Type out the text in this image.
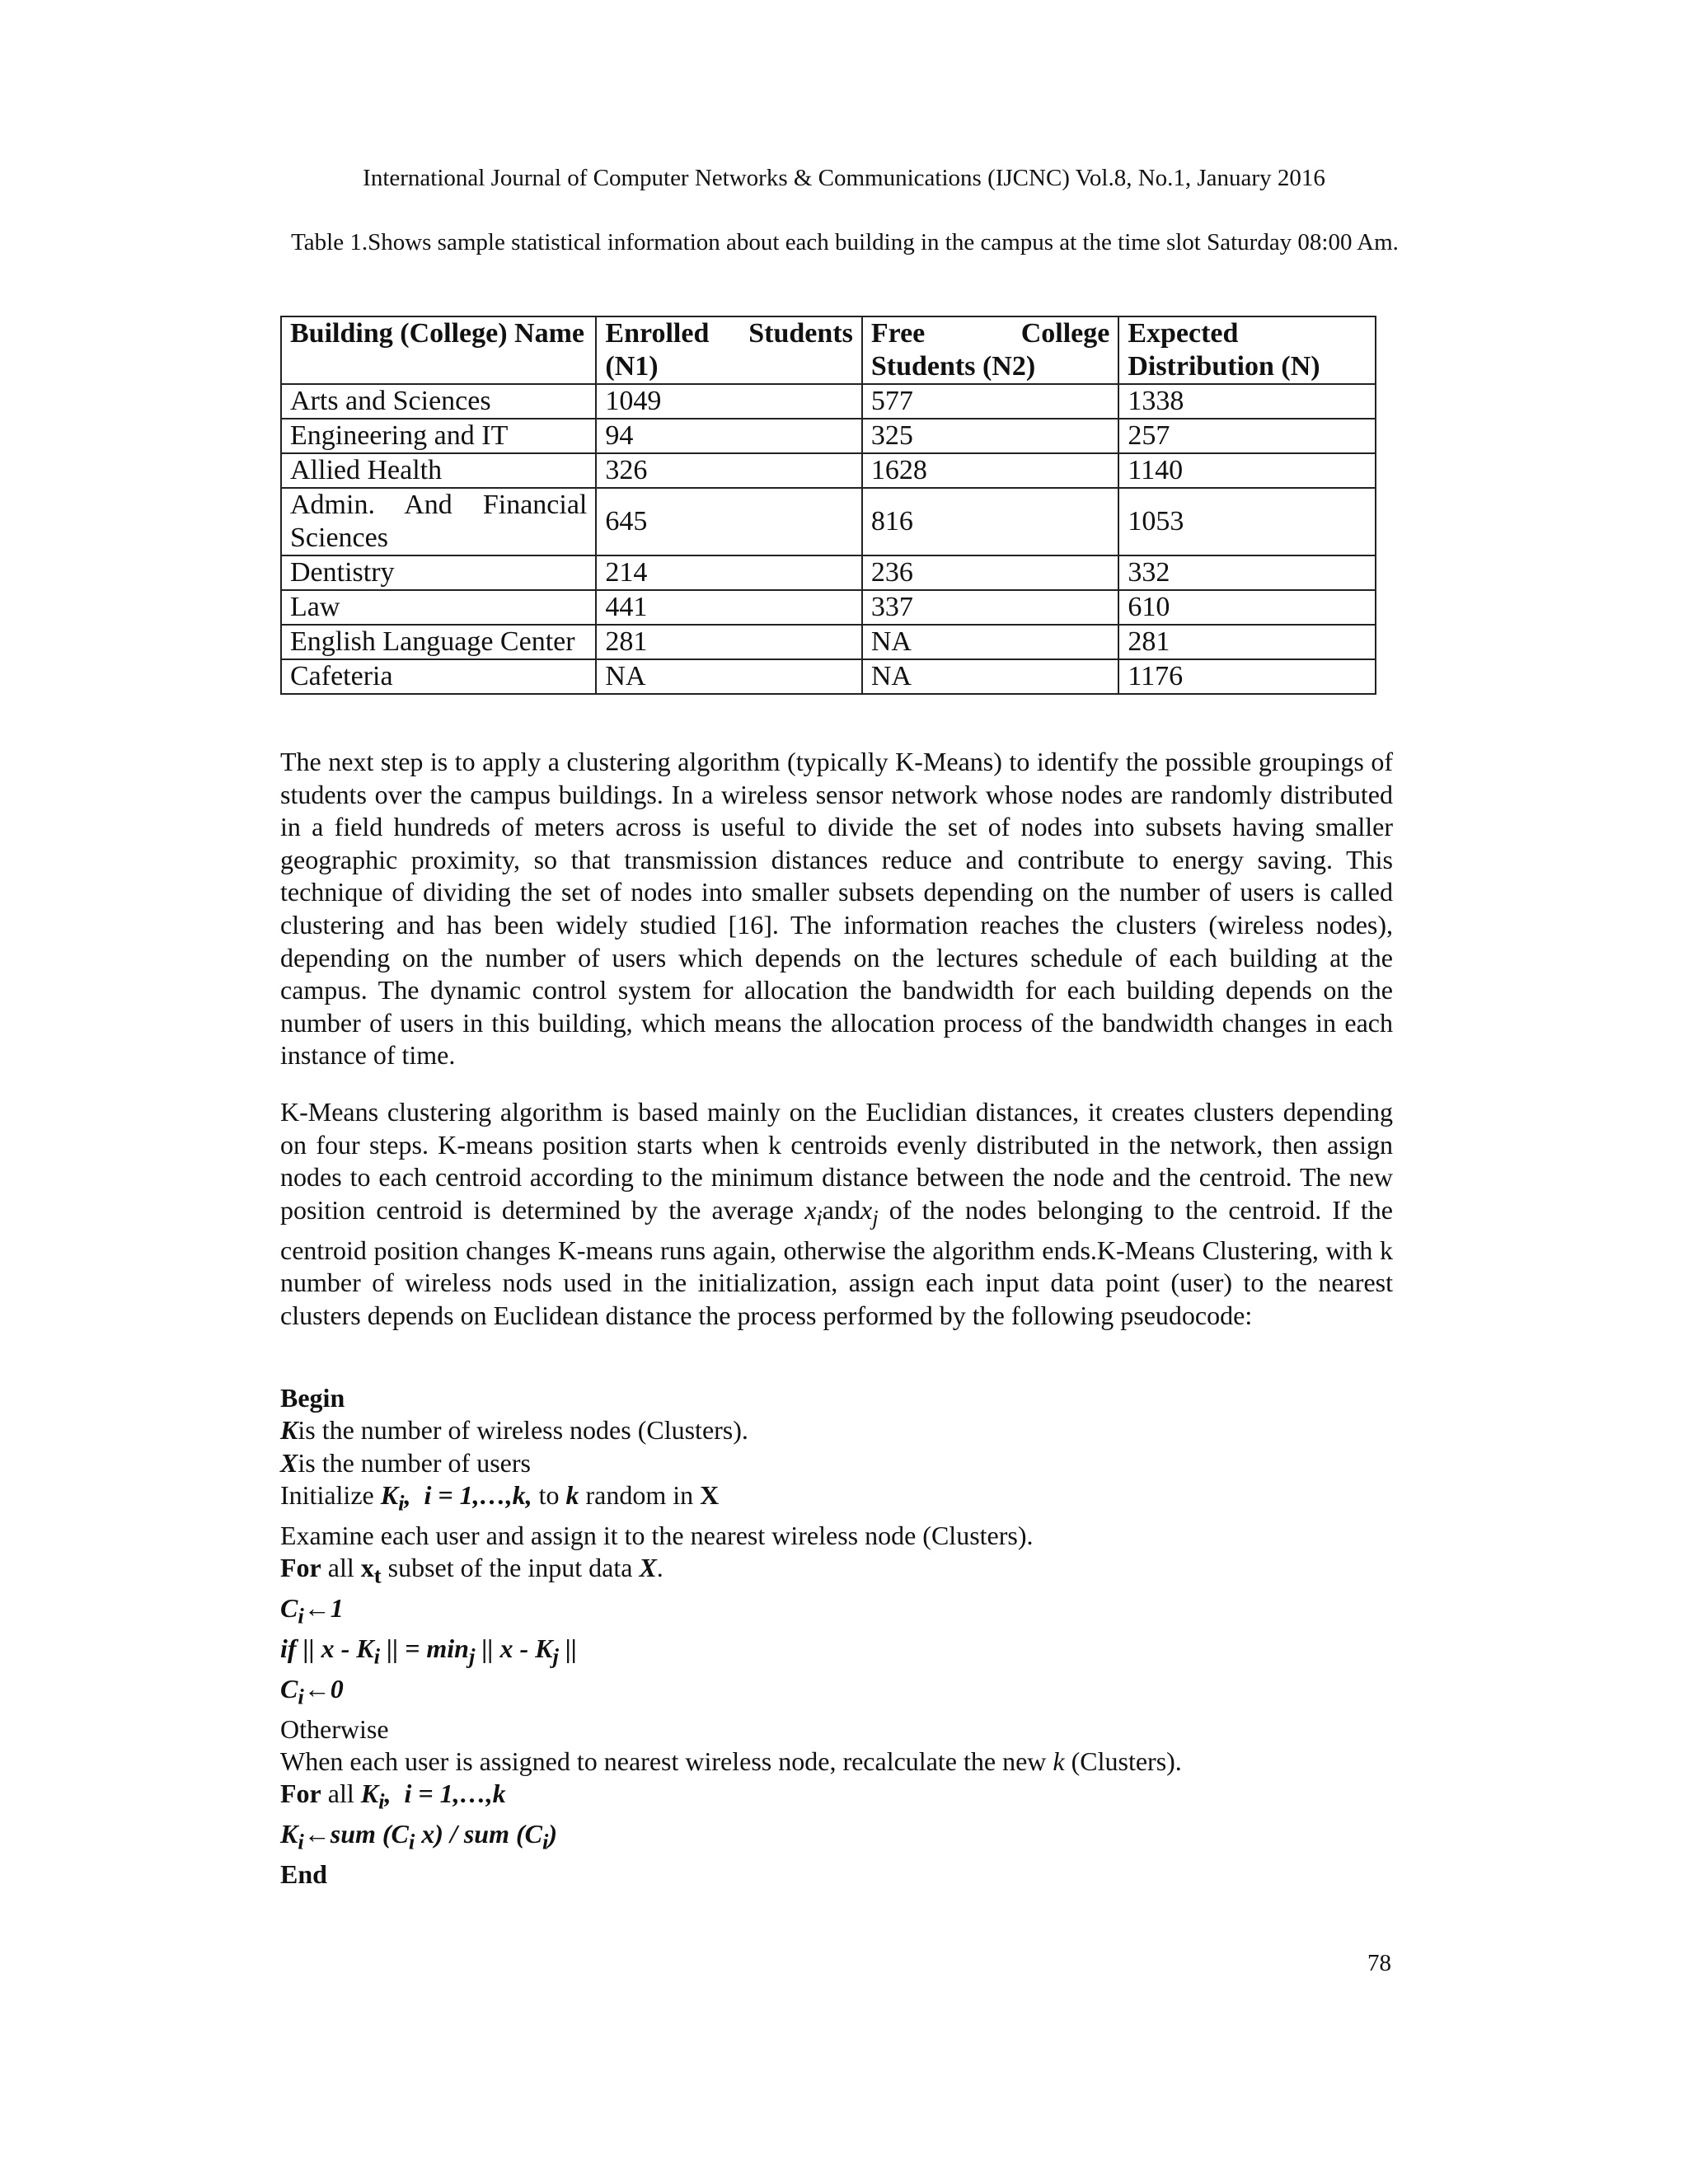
International Journal of Computer Networks & Communications (IJCNC) Vol.8, No.1, January 2016
Table 1.Shows sample statistical information about each building in the campus at the time slot Saturday 08:00 Am.
Building (College) Name	Enrolled Students (N1)	Free College Students (N2)	Expected Distribution (N)
Arts and Sciences	1049	577	1338
Engineering and IT	94	325	257
Allied Health	326	1628	1140
Admin. And Financial Sciences	645	816	1053
Dentistry	214	236	332
Law	441	337	610
English Language Center	281	NA	281
Cafeteria	NA	NA	1176

The next step is to apply a clustering algorithm (typically K-Means) to identify the possible groupings of students over the campus buildings. In a wireless sensor network whose nodes are randomly distributed in a field hundreds of meters across is useful to divide the set of nodes into subsets having smaller geographic proximity, so that transmission distances reduce and contribute to energy saving. This technique of dividing the set of nodes into smaller subsets depending on the number of users is called clustering and has been widely studied [16]. The information reaches the clusters (wireless nodes), depending on the number of users which depends on the lectures schedule of each building at the campus. The dynamic control system for allocation the bandwidth for each building depends on the number of users in this building, which means the allocation process of the bandwidth changes in each instance of time.

K-Means clustering algorithm is based mainly on the Euclidian distances, it creates clusters depending on four steps. K-means position starts when k centroids evenly distributed in the network, then assign nodes to each centroid according to the minimum distance between the node and the centroid. The new position centroid is determined by the average $x_iandx_j$ of the nodes belonging to the centroid. If the centroid position changes K-means runs again, otherwise the algorithm ends.K-Means Clustering, with k number of wireless nods used in the initialization, assign each input data point (user) to the nearest clusters depends on Euclidean distance the process performed by the following pseudocode:

Begin
Kis the number of wireless nodes (Clusters).
Xis the number of users
Initialize $K_i$, i = 1,…,k, to k random in X
Examine each user and assign it to the nearest wireless node (Clusters).
For all $x_t$ subset of the input data X.
$C_i\leftarrow 1$
if || x - $K_i$ || = $\min_j$ || x - $K_j$ ||
$C_i\leftarrow 0$
Otherwise
When each user is assigned to nearest wireless node, recalculate the new k (Clusters).
For all $K_i$, i = 1,…,k
$K_i\leftarrow sum$ ($C_i$ x) / sum $(C_i)$
End
78
